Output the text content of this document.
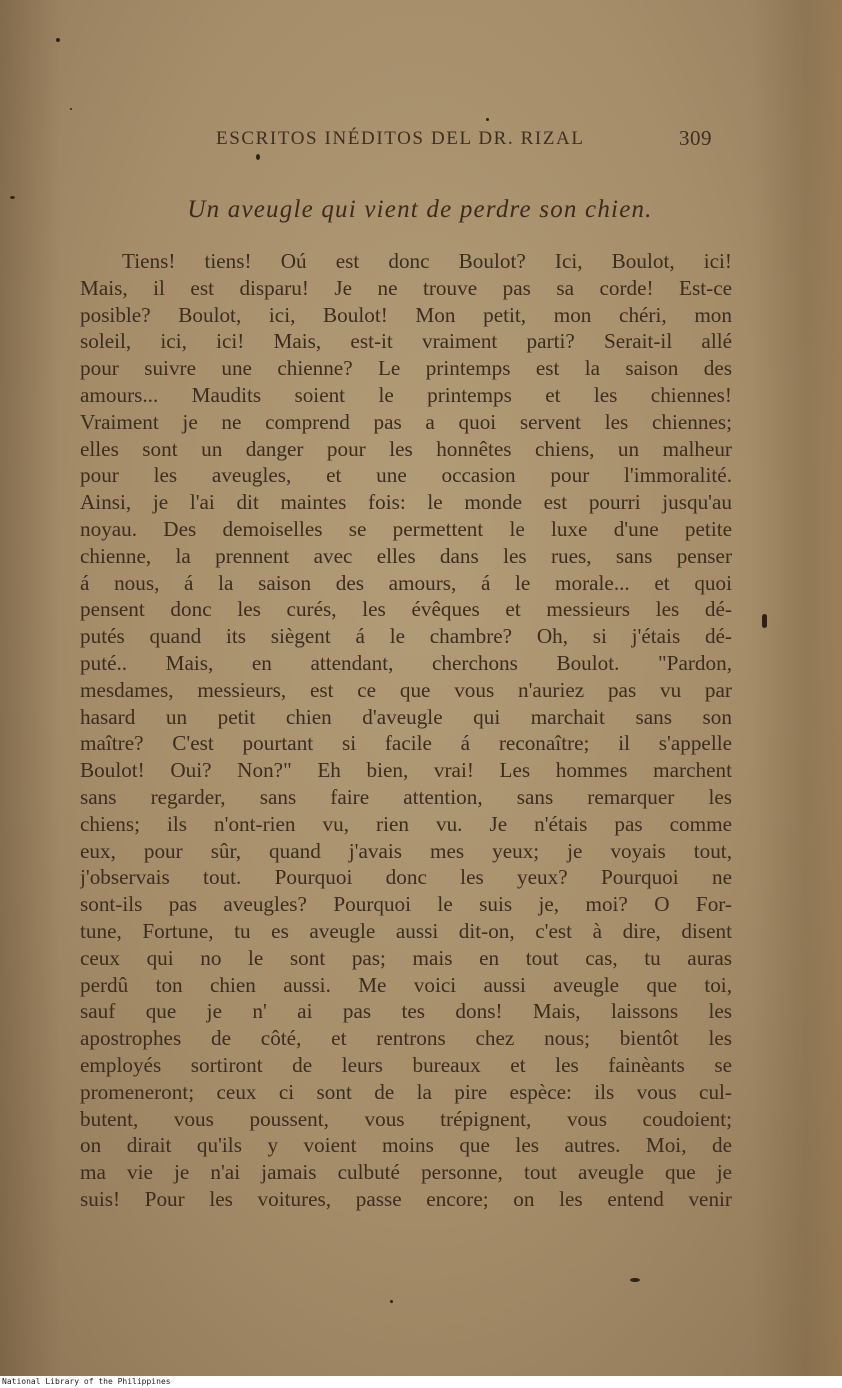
ESCRITOS INÉDITOS DEL DR. RIZAL	309
Un aveugle qui vient de perdre son chien.
Tiens! tiens! Oú est donc Boulot? Ici, Boulot, ici!
Mais, il est disparu! Je ne trouve pas sa corde! Est-ce
posible? Boulot, ici, Boulot! Mon petit, mon chéri, mon
soleil, ici, ici! Mais, est-it vraiment parti? Serait-il allé
pour suivre une chienne? Le printemps est la saison des
amours... Maudits soient le printemps et les chiennes!
Vraiment je ne comprend pas a quoi servent les chiennes;
elles sont un danger pour les honnêtes chiens, un malheur
pour les aveugles, et une occasion pour l'immoralité.
Ainsi, je l'ai dit maintes fois: le monde est pourri jusqu'au
noyau. Des demoiselles se permettent le luxe d'une petite
chienne, la prennent avec elles dans les rues, sans penser
á nous, á la saison des amours, á le morale... et quoi
pensent donc les curés, les évêques et messieurs les dé-
putés quand its siègent á le chambre? Oh, si j'étais dé-
puté.. Mais, en attendant, cherchons Boulot. "Pardon,
mesdames, messieurs, est ce que vous n'auriez pas vu par
hasard un petit chien d'aveugle qui marchait sans son
maître? C'est pourtant si facile á reconaître; il s'appelle
Boulot! Oui? Non?" Eh bien, vrai! Les hommes marchent
sans regarder, sans faire attention, sans remarquer les
chiens; ils n'ont-rien vu, rien vu. Je n'étais pas comme
eux, pour sûr, quand j'avais mes yeux; je voyais tout,
j'observais tout. Pourquoi donc les yeux? Pourquoi ne
sont-ils pas aveugles? Pourquoi le suis je, moi? O For-
tune, Fortune, tu es aveugle aussi dit-on, c'est à dire, disent
ceux qui no le sont pas; mais en tout cas, tu auras
perdû ton chien aussi. Me voici aussi aveugle que toi,
sauf que je n' ai pas tes dons! Mais, laissons les
apostrophes de côté, et rentrons chez nous; bientôt les
employés sortiront de leurs bureaux et les fainèants se
promeneront; ceux ci sont de la pire espèce: ils vous cul-
butent, vous poussent, vous trépignent, vous coudoient;
on dirait qu'ils y voient moins que les autres. Moi, de
ma vie je n'ai jamais culbuté personne, tout aveugle que je
suis! Pour les voitures, passe encore; on les entend venir
National Library of the Philippines
